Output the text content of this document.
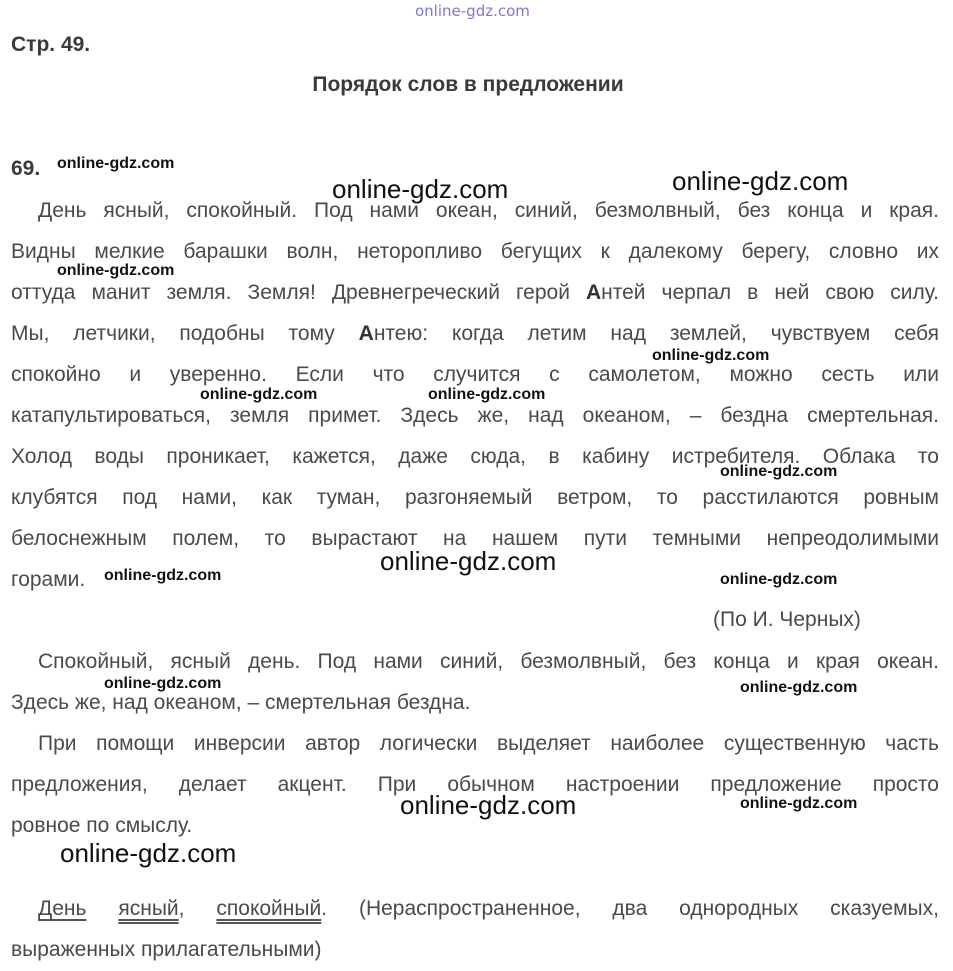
online-gdz.com
Стр. 49.
Порядок слов в предложении
69.
День ясный, спокойный. Под нами океан, синий, безмолвный, без конца и края.
Видны мелкие барашки волн, неторопливо бегущих к далекому берегу, словно их
оттуда манит земля. Земля! Древнегреческий герой Антей черпал в ней свою силу.
Мы, летчики, подобны тому Антею: когда летим над землей, чувствуем себя
спокойно и уверенно. Если что случится с самолетом, можно сесть или
катапультироваться, земля примет. Здесь же, над океаном, – бездна смертельная.
Холод воды проникает, кажется, даже сюда, в кабину истребителя. Облака то
клубятся под нами, как туман, разгоняемый ветром, то расстилаются ровным
белоснежным полем, то вырастают на нашем пути темными непреодолимыми
горами.
(По И. Черных)
Спокойный, ясный день. Под нами синий, безмолвный, без конца и края океан.
Здесь же, над океаном, – смертельная бездна.
При помощи инверсии автор логически выделяет наиболее существенную часть
предложения, делает акцент. При обычном настроении предложение просто
ровное по смыслу.
День ясный, спокойный. (Нераспространенное, два однородных сказуемых,
выраженных прилагательными)
online-gdz.com
online-gdz.com	online-gdz.com
online-gdz.com
online-gdz.com
online-gdz.com	online-gdz.com
online-gdz.com
online-gdz.com
online-gdz.com	online-gdz.com
online-gdz.com	online-gdz.com
online-gdz.com	online-gdz.com
online-gdz.com
